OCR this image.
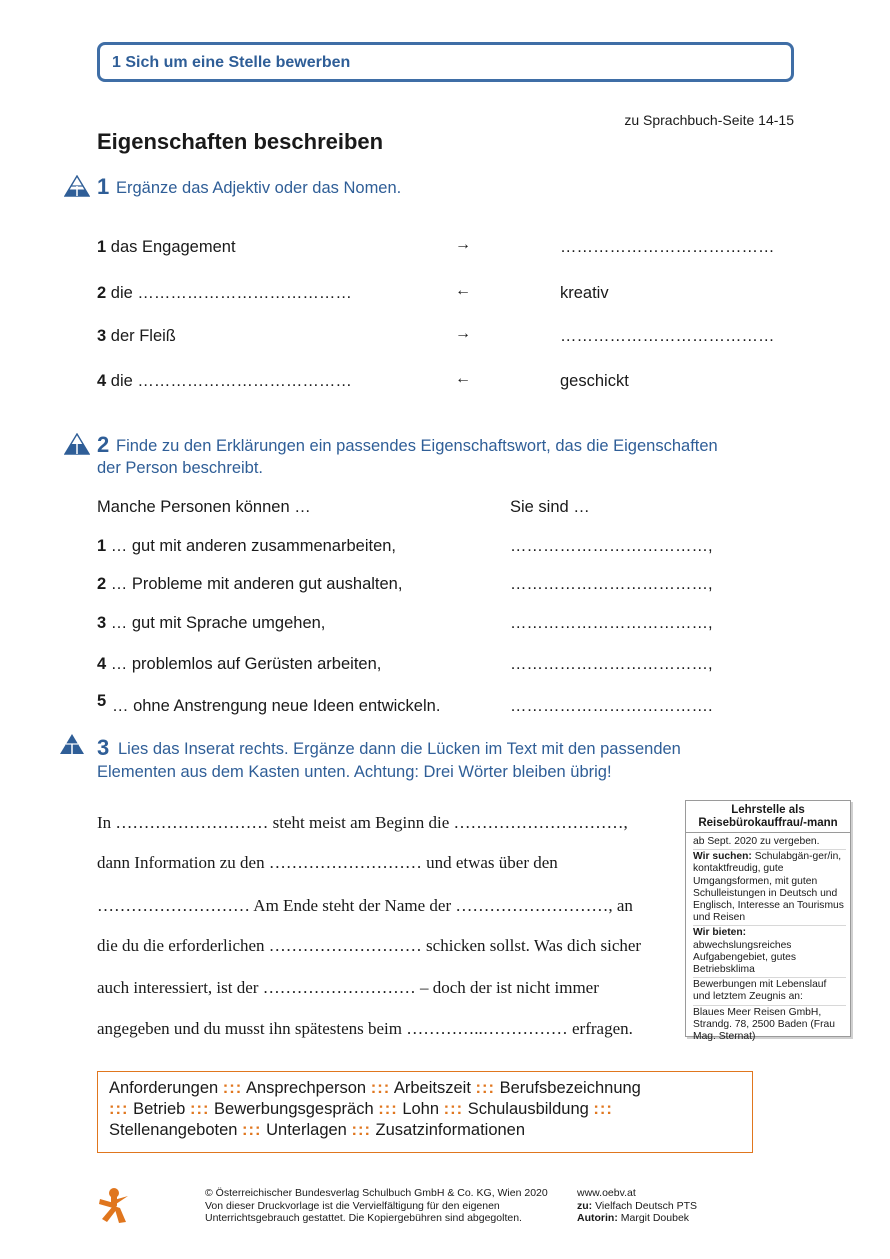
1 Sich um eine Stelle bewerben
zu Sprachbuch-Seite 14-15
Eigenschaften beschreiben
1 Ergänze das Adjektiv oder das Nomen.
1 das Engagement	→	…………………………………
2 die …………………………………	←	kreativ
3 der Fleiß	→	…………………………………
4 die …………………………………	←	geschickt
2 Finde zu den Erklärungen ein passendes Eigenschaftswort, das die Eigenschaften
der Person beschreibt.
Manche Personen können …	Sie sind …
1 … gut mit anderen zusammenarbeiten,	………………………………,
2 … Probleme mit anderen gut aushalten,	………………………………,
3 … gut mit Sprache umgehen,	………………………………,
4 … problemlos auf Gerüsten arbeiten,	………………………………,
5 … ohne Anstrengung neue Ideen entwickeln.	……………………………….
3 Lies das Inserat rechts. Ergänze dann die Lücken im Text mit den passenden
Elementen aus dem Kasten unten. Achtung: Drei Wörter bleiben übrig!
In ……………………… steht meist am Beginn die …………………………,
dann Information zu den ……………………… und etwas über den
……………………… Am Ende steht der Name der ………………………, an
die du die erforderlichen ……………………… schicken sollst. Was dich sicher
auch interessiert, ist der ……………………… – doch der ist nicht immer
angegeben und du musst ihn spätestens beim …………..…………… erfragen.
Lehrstelle als Reisebürokauffrau/-mann
ab Sept. 2020 zu vergeben.
Wir suchen: Schulabgän-ger/in, kontaktfreudig, gute Umgangsformen, mit guten Schulleistungen in Deutsch und Englisch, Interesse an Tourismus und Reisen
Wir bieten:
abwechslungsreiches Aufgabengebiet, gutes Betriebsklima
Bewerbungen mit Lebenslauf und letztem Zeugnis an:
Blaues Meer Reisen GmbH, Strandg. 78, 2500 Baden (Frau Mag. Sternat)
Anforderungen ::: Ansprechperson ::: Arbeitszeit ::: Berufsbezeichnung
::: Betrieb ::: Bewerbungsgespräch ::: Lohn ::: Schulausbildung :::
Stellenangeboten ::: Unterlagen ::: Zusatzinformationen
© Österreichischer Bundesverlag Schulbuch GmbH & Co. KG, Wien 2020
Von dieser Druckvorlage ist die Vervielfältigung für den eigenen
Unterrichtsgebrauch gestattet. Die Kopiergebühren sind abgegolten.
www.oebv.at
zu: Vielfach Deutsch PTS
Autorin: Margit Doubek
